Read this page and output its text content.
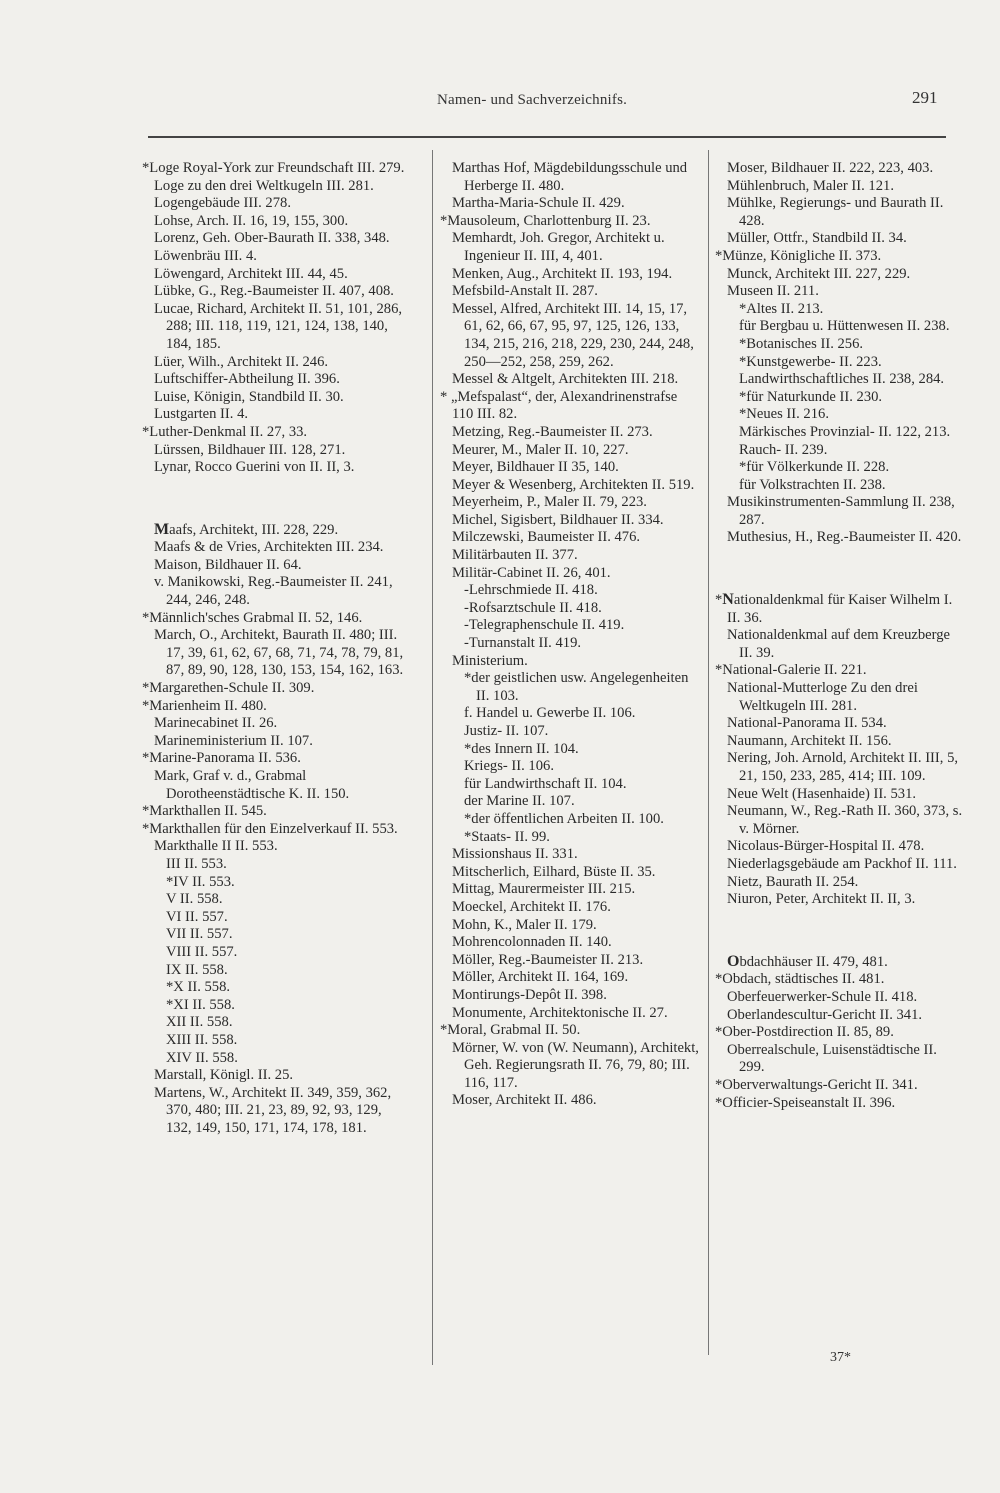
Namen- und Sachverzeichnifs.	291

*Loge Royal-York zur Freundschaft III. 279.

Loge zu den drei Weltkugeln III. 281.

Logengebäude III. 278.

Lohse, Arch. II. 16, 19, 155, 300.

Lorenz, Geh. Ober-Baurath II. 338, 348.

Löwenbräu III. 4.

Löwengard, Architekt III. 44, 45.

Lübke, G., Reg.-Baumeister II. 407, 408.

Lucae, Richard, Architekt II. 51, 101, 286, 288; III. 118, 119, 121, 124, 138, 140, 184, 185.

Lüer, Wilh., Architekt II. 246.

Luftschiffer-Abtheilung II. 396.

Luise, Königin, Standbild II. 30.

Lustgarten II. 4.

*Luther-Denkmal II. 27, 33.

Lürssen, Bildhauer III. 128, 271.

Lynar, Rocco Guerini von II. II, 3.

Maafs, Architekt, III. 228, 229.

Maafs & de Vries, Architekten III. 234.

Maison, Bildhauer II. 64.

v. Manikowski, Reg.-Baumeister II. 241, 244, 246, 248.

*Männlich'sches Grabmal II. 52, 146.

March, O., Architekt, Baurath II. 480; III. 17, 39, 61, 62, 67, 68, 71, 74, 78, 79, 81, 87, 89, 90, 128, 130, 153, 154, 162, 163.

*Margarethen-Schule II. 309.

*Marienheim II. 480.

Marinecabinet II. 26.

Marineministerium II. 107.

*Marine-Panorama II. 536.

Mark, Graf v. d., Grabmal Dorotheenstädtische K. II. 150.

*Markthallen II. 545.

*Markthallen für den Einzelverkauf II. 553.

Markthalle II II. 553.

III II. 553.

*IV II. 553.

V II. 558.

VI II. 557.

VII II. 557.

VIII II. 557.

IX II. 558.

*X II. 558.

*XI II. 558.

XII II. 558.

XIII II. 558.

XIV II. 558.

Marstall, Königl. II. 25.

Martens, W., Architekt II. 349, 359, 362, 370, 480; III. 21, 23, 89, 92, 93, 129, 132, 149, 150, 171, 174, 178, 181.

Marthas Hof, Mägdebildungsschule und Herberge II. 480.

Martha-Maria-Schule II. 429.

*Mausoleum, Charlottenburg II. 23.

Memhardt, Joh. Gregor, Architekt u. Ingenieur II. III, 4, 401.

Menken, Aug., Architekt II. 193, 194.

Mefsbild-Anstalt II. 287.

Messel, Alfred, Architekt III. 14, 15, 17, 61, 62, 66, 67, 95, 97, 125, 126, 133, 134, 215, 216, 218, 229, 230, 244, 248, 250—252, 258, 259, 262.

Messel & Altgelt, Architekten III. 218.

* „Mefspalast“, der, Alexandrinenstrafse 110 III. 82.

Metzing, Reg.-Baumeister II. 273.

Meurer, M., Maler II. 10, 227.

Meyer, Bildhauer II 35, 140.

Meyer & Wesenberg, Architekten II. 519.

Meyerheim, P., Maler II. 79, 223.

Michel, Sigisbert, Bildhauer II. 334.

Milczewski, Baumeister II. 476.

Militärbauten II. 377.

Militär-Cabinet II. 26, 401.

-Lehrschmiede II. 418.

-Rofsarztschule II. 418.

-Telegraphenschule II. 419.

-Turnanstalt II. 419.

Ministerium.

*der geistlichen usw. Angelegenheiten II. 103.

f. Handel u. Gewerbe II. 106.

Justiz- II. 107.

*des Innern II. 104.

Kriegs- II. 106.

für Landwirthschaft II. 104.

der Marine II. 107.

*der öffentlichen Arbeiten II. 100.

*Staats- II. 99.

Missionshaus II. 331.

Mitscherlich, Eilhard, Büste II. 35.

Mittag, Maurermeister III. 215.

Moeckel, Architekt II. 176.

Mohn, K., Maler II. 179.

Mohrencolonnaden II. 140.

Möller, Reg.-Baumeister II. 213.

Möller, Architekt II. 164, 169.

Montirungs-Depôt II. 398.

Monumente, Architektonische II. 27.

*Moral, Grabmal II. 50.

Mörner, W. von (W. Neumann), Architekt, Geh. Regierungsrath II. 76, 79, 80; III. 116, 117.

Moser, Architekt II. 486.

Moser, Bildhauer II. 222, 223, 403.

Mühlenbruch, Maler II. 121.

Mühlke, Regierungs- und Baurath II. 428.

Müller, Ottfr., Standbild II. 34.

*Münze, Königliche II. 373.

Munck, Architekt III. 227, 229.

Museen II. 211.

*Altes II. 213.

für Bergbau u. Hüttenwesen II. 238.

*Botanisches II. 256.

*Kunstgewerbe- II. 223.

Landwirthschaftliches II. 238, 284.

*für Naturkunde II. 230.

*Neues II. 216.

Märkisches Provinzial- II. 122, 213.

Rauch- II. 239.

*für Völkerkunde II. 228.

für Volkstrachten II. 238.

Musikinstrumenten-Sammlung II. 238, 287.

Muthesius, H., Reg.-Baumeister II. 420.

*Nationaldenkmal für Kaiser Wilhelm I. II. 36.

Nationaldenkmal auf dem Kreuzberge II. 39.

*National-Galerie II. 221.

National-Mutterloge Zu den drei Weltkugeln III. 281.

National-Panorama II. 534.

Naumann, Architekt II. 156.

Nering, Joh. Arnold, Architekt II. III, 5, 21, 150, 233, 285, 414; III. 109.

Neue Welt (Hasenhaide) II. 531.

Neumann, W., Reg.-Rath II. 360, 373, s. v. Mörner.

Nicolaus-Bürger-Hospital II. 478.

Niederlagsgebäude am Packhof II. 111.

Nietz, Baurath II. 254.

Niuron, Peter, Architekt II. II, 3.

Obdachhäuser II. 479, 481.

*Obdach, städtisches II. 481.

Oberfeuerwerker-Schule II. 418.

Oberlandescultur-Gericht II. 341.

*Ober-Postdirection II. 85, 89.

Oberrealschule, Luisenstädtische II. 299.

*Oberverwaltungs-Gericht II. 341.

*Officier-Speiseanstalt II. 396.

37*
